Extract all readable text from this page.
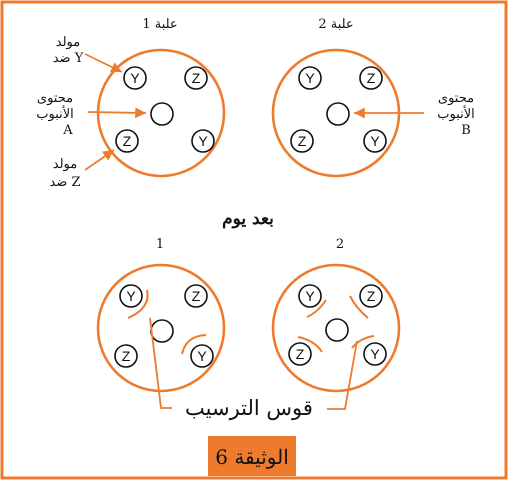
علبة 1	علبة 2
Y	Z
Z	Y
Y	Z
Z	Y
مولد
ضد Y
محتوى
الأنبوب
A
مولد
ضد Z
محتوى
الأنبوب
B
بعد يوم
1	2
Y	Z
Z	Y
Y	Z
Z	Y
قوس الترسيب
الوثيقة 6
